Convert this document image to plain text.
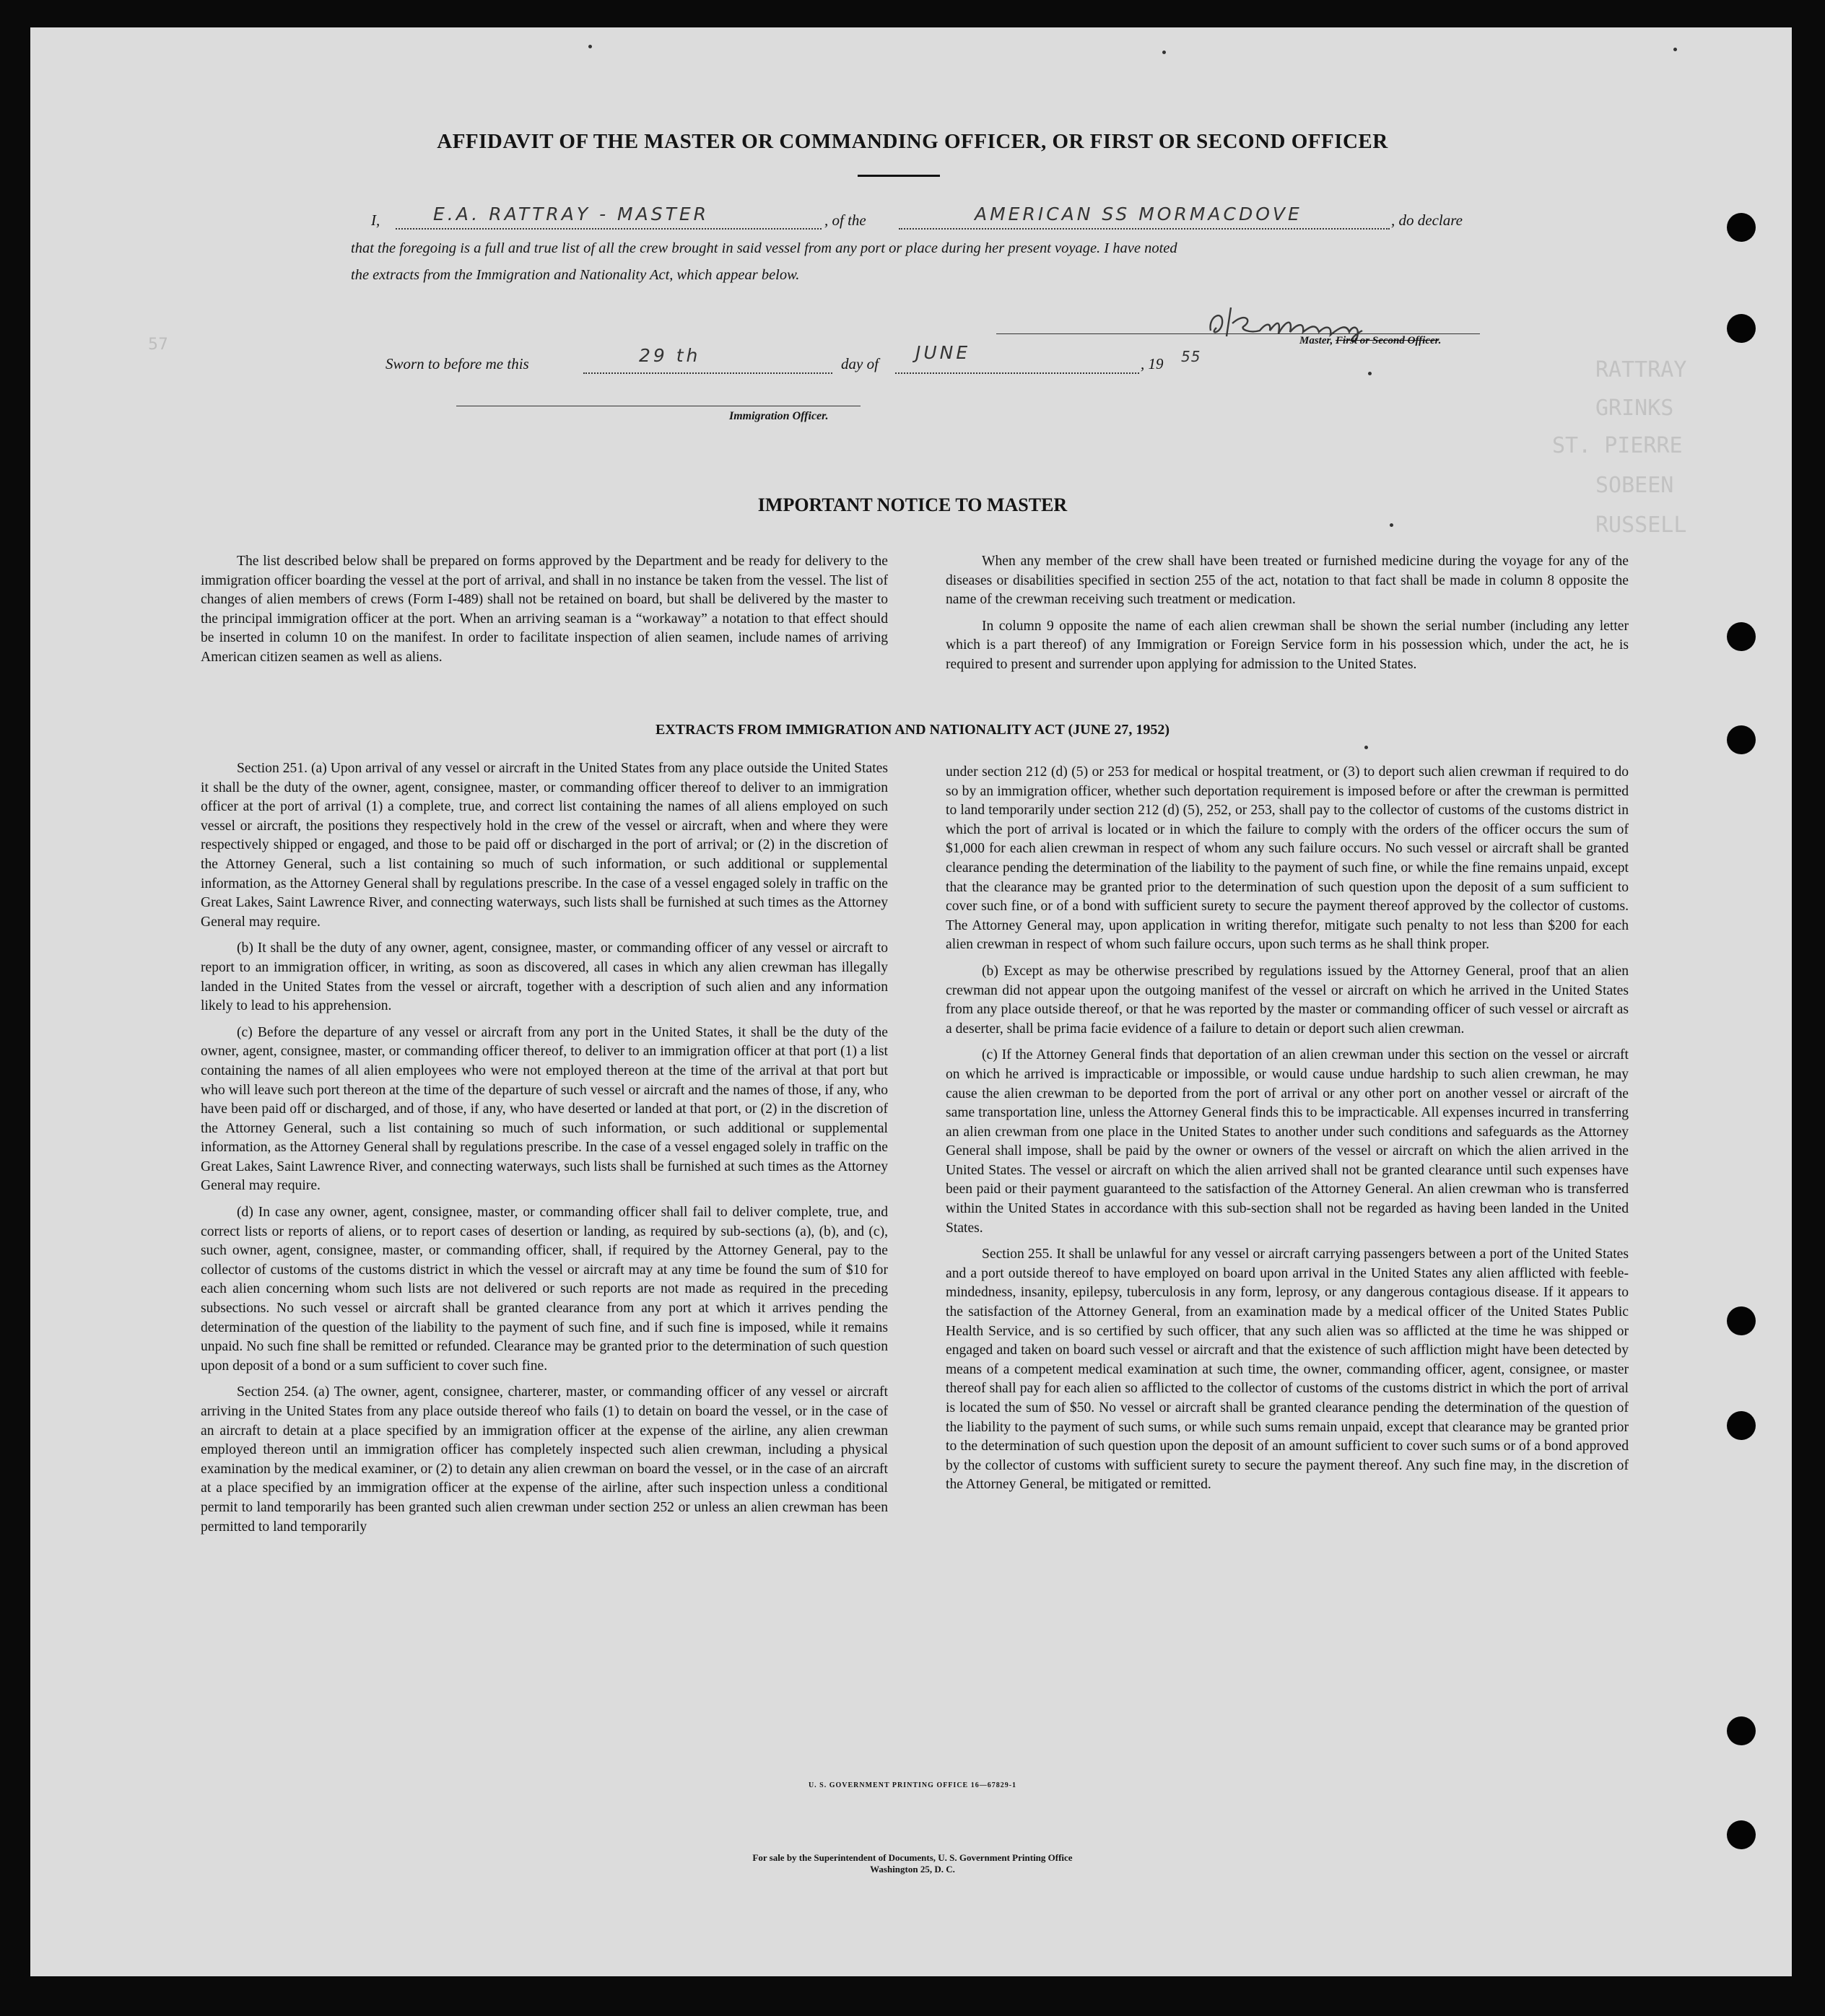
57
RATTRAY
GRINKS
ST. PIERRE
SOBEEN
RUSSELL
AFFIDAVIT OF THE MASTER OR COMMANDING OFFICER, OR FIRST OR SECOND OFFICER
I,	E.A. RATTRAY - MASTER	, of the	AMERICAN SS MORMACDOVE	, do declare
that the foregoing is a full and true list of all the crew brought in said vessel from any port or place during her present voyage. I have noted
the extracts from the Immigration and Nationality Act, which appear below.
Master, First or Second Officer.
Sworn to before me this	29 th	day of
JUNE
, 19 55
Immigration Officer.
IMPORTANT NOTICE TO MASTER

The list described below shall be prepared on forms approved by the Department and be ready for delivery to the immigration officer boarding the vessel at the port of arrival, and shall in no instance be taken from the vessel. The list of changes of alien members of crews (Form I-489) shall not be retained on board, but shall be delivered by the master to the principal immigration officer at the port. When an arriving seaman is a “workaway” a notation to that effect should be inserted in column 10 on the manifest. In order to facilitate inspection of alien seamen, include names of arriving American citizen seamen as well as aliens.

When any member of the crew shall have been treated or furnished medicine during the voyage for any of the diseases or disabilities specified in section 255 of the act, notation to that fact shall be made in column 8 opposite the name of the crewman receiving such treatment or medication.

In column 9 opposite the name of each alien crewman shall be shown the serial number (including any letter which is a part thereof) of any Immigration or Foreign Service form in his possession which, under the act, he is required to present and surrender upon applying for admission to the United States.

EXTRACTS FROM IMMIGRATION AND NATIONALITY ACT (JUNE 27, 1952)

Section 251. (a) Upon arrival of any vessel or aircraft in the United States from any place outside the United States it shall be the duty of the owner, agent, consignee, master, or commanding officer thereof to deliver to an immigration officer at the port of arrival (1) a complete, true, and correct list containing the names of all aliens employed on such vessel or aircraft, the positions they respectively hold in the crew of the vessel or aircraft, when and where they were respectively shipped or engaged, and those to be paid off or discharged in the port of arrival; or (2) in the discretion of the Attorney General, such a list containing so much of such information, or such additional or supplemental information, as the Attorney General shall by regulations prescribe. In the case of a vessel engaged solely in traffic on the Great Lakes, Saint Lawrence River, and connecting waterways, such lists shall be furnished at such times as the Attorney General may require.

(b) It shall be the duty of any owner, agent, consignee, master, or commanding officer of any vessel or aircraft to report to an immigration officer, in writing, as soon as discovered, all cases in which any alien crewman has illegally landed in the United States from the vessel or aircraft, together with a description of such alien and any information likely to lead to his apprehension.

(c) Before the departure of any vessel or aircraft from any port in the United States, it shall be the duty of the owner, agent, consignee, master, or commanding officer thereof, to deliver to an immigration officer at that port (1) a list containing the names of all alien employees who were not employed thereon at the time of the arrival at that port but who will leave such port thereon at the time of the departure of such vessel or aircraft and the names of those, if any, who have been paid off or discharged, and of those, if any, who have deserted or landed at that port, or (2) in the discretion of the Attorney General, such a list containing so much of such information, or such additional or supplemental information, as the Attorney General shall by regulations prescribe. In the case of a vessel engaged solely in traffic on the Great Lakes, Saint Lawrence River, and connecting waterways, such lists shall be furnished at such times as the Attorney General may require.

(d) In case any owner, agent, consignee, master, or commanding officer shall fail to deliver complete, true, and correct lists or reports of aliens, or to report cases of desertion or landing, as required by sub-sections (a), (b), and (c), such owner, agent, consignee, master, or commanding officer, shall, if required by the Attorney General, pay to the collector of customs of the customs district in which the vessel or aircraft may at any time be found the sum of $10 for each alien concerning whom such lists are not delivered or such reports are not made as required in the preceding subsections. No such vessel or aircraft shall be granted clearance from any port at which it arrives pending the determination of the question of the liability to the payment of such fine, and if such fine is imposed, while it remains unpaid. No such fine shall be remitted or refunded. Clearance may be granted prior to the determination of such question upon deposit of a bond or a sum sufficient to cover such fine.

Section 254. (a) The owner, agent, consignee, charterer, master, or commanding officer of any vessel or aircraft arriving in the United States from any place outside thereof who fails (1) to detain on board the vessel, or in the case of an aircraft to detain at a place specified by an immigration officer at the expense of the airline, any alien crewman employed thereon until an immigration officer has completely inspected such alien crewman, including a physical examination by the medical examiner, or (2) to detain any alien crewman on board the vessel, or in the case of an aircraft at a place specified by an immigration officer at the expense of the airline, after such inspection unless a conditional permit to land temporarily has been granted such alien crewman under section 252 or unless an alien crewman has been permitted to land temporarily

under section 212 (d) (5) or 253 for medical or hospital treatment, or (3) to deport such alien crewman if required to do so by an immigration officer, whether such deportation requirement is imposed before or after the crewman is permitted to land temporarily under section 212 (d) (5), 252, or 253, shall pay to the collector of customs of the customs district in which the port of arrival is located or in which the failure to comply with the orders of the officer occurs the sum of $1,000 for each alien crewman in respect of whom any such failure occurs. No such vessel or aircraft shall be granted clearance pending the determination of the liability to the payment of such fine, or while the fine remains unpaid, except that the clearance may be granted prior to the determination of such question upon the deposit of a sum sufficient to cover such fine, or of a bond with sufficient surety to secure the payment thereof approved by the collector of customs. The Attorney General may, upon application in writing therefor, mitigate such penalty to not less than $200 for each alien crewman in respect of whom such failure occurs, upon such terms as he shall think proper.

(b) Except as may be otherwise prescribed by regulations issued by the Attorney General, proof that an alien crewman did not appear upon the outgoing manifest of the vessel or aircraft on which he arrived in the United States from any place outside thereof, or that he was reported by the master or commanding officer of such vessel or aircraft as a deserter, shall be prima facie evidence of a failure to detain or deport such alien crewman.

(c) If the Attorney General finds that deportation of an alien crewman under this section on the vessel or aircraft on which he arrived is impracticable or impossible, or would cause undue hardship to such alien crewman, he may cause the alien crewman to be deported from the port of arrival or any other port on another vessel or aircraft of the same transportation line, unless the Attorney General finds this to be impracticable. All expenses incurred in transferring an alien crewman from one place in the United States to another under such conditions and safeguards as the Attorney General shall impose, shall be paid by the owner or owners of the vessel or aircraft on which the alien arrived in the United States. The vessel or aircraft on which the alien arrived shall not be granted clearance until such expenses have been paid or their payment guaranteed to the satisfaction of the Attorney General. An alien crewman who is transferred within the United States in accordance with this sub-section shall not be regarded as having been landed in the United States.

Section 255. It shall be unlawful for any vessel or aircraft carrying passengers between a port of the United States and a port outside thereof to have employed on board upon arrival in the United States any alien afflicted with feeble-mindedness, insanity, epilepsy, tuberculosis in any form, leprosy, or any dangerous contagious disease. If it appears to the satisfaction of the Attorney General, from an examination made by a medical officer of the United States Public Health Service, and is so certified by such officer, that any such alien was so afflicted at the time he was shipped or engaged and taken on board such vessel or aircraft and that the existence of such affliction might have been detected by means of a competent medical examination at such time, the owner, commanding officer, agent, consignee, or master thereof shall pay for each alien so afflicted to the collector of customs of the customs district in which the port of arrival is located the sum of $50. No vessel or aircraft shall be granted clearance pending the determination of the question of the liability to the payment of such sums, or while such sums remain unpaid, except that clearance may be granted prior to the determination of such question upon the deposit of an amount sufficient to cover such sums or of a bond approved by the collector of customs with sufficient surety to secure the payment thereof. Any such fine may, in the discretion of the Attorney General, be mitigated or remitted.

U. S. GOVERNMENT PRINTING OFFICE 16—67829-1
For sale by the Superintendent of Documents, U. S. Government Printing Office
Washington 25, D. C.
